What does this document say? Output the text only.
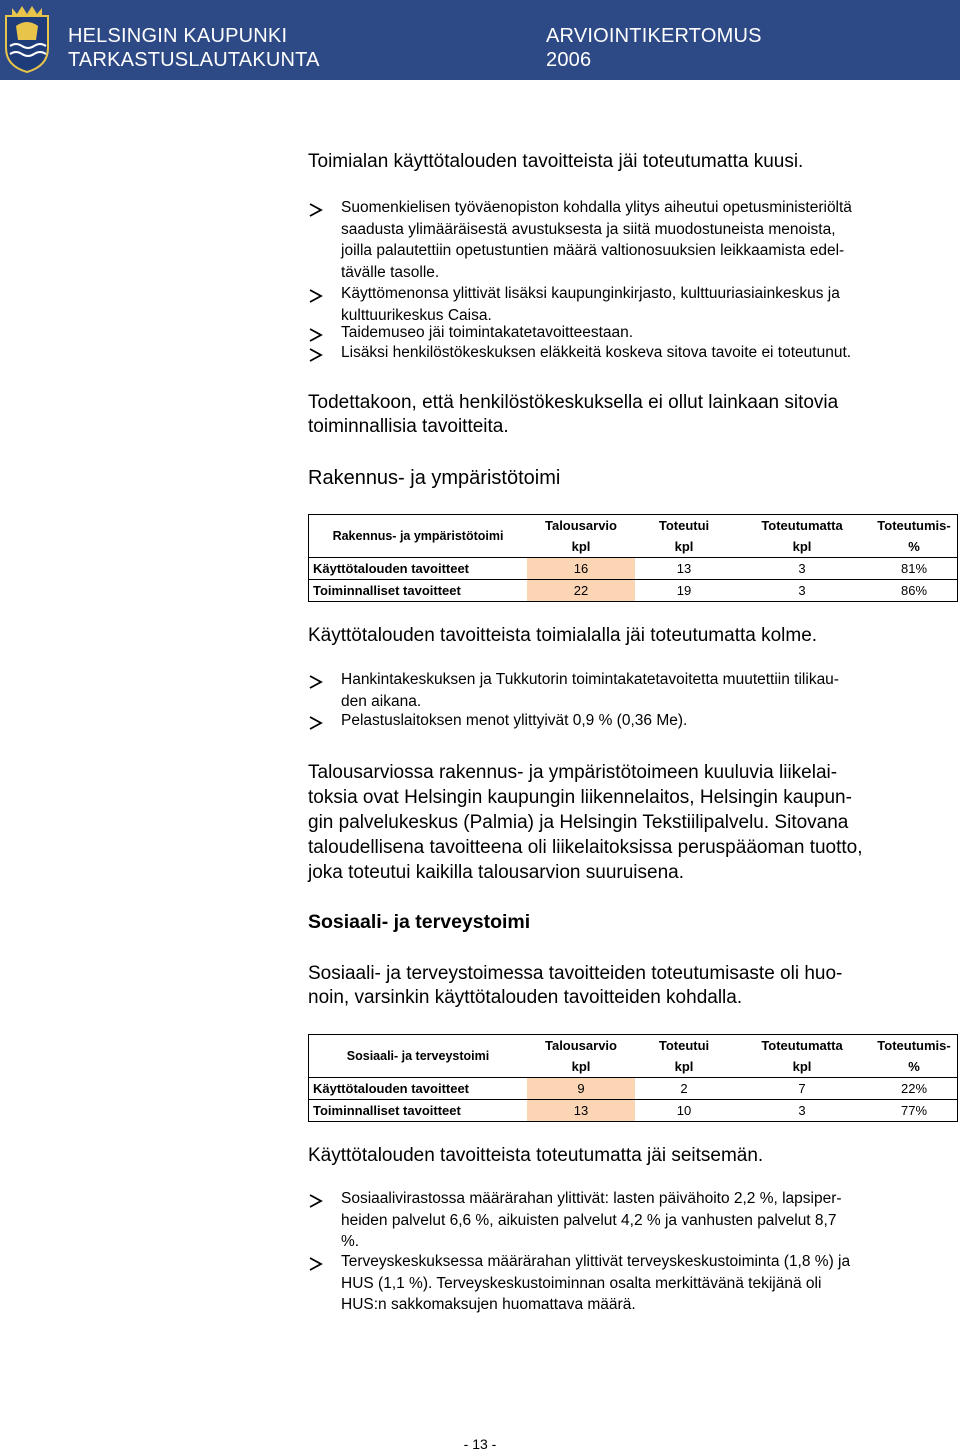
HELSINGIN KAUPUNKI
TARKASTUSLAUTAKUNTA
ARVIOINTIKERTOMUS
2006
Toimialan käyttötalouden tavoitteista jäi toteutumatta kuusi.
Suomenkielisen työväenopiston kohdalla ylitys aiheutui opetusministeriöltä
saadusta ylimääräisestä avustuksesta ja siitä muodostuneista menoista,
joilla palautettiin opetustuntien määrä valtionosuuksien leikkaamista edel-
tävälle tasolle.
Käyttömenonsa ylittivät lisäksi kaupunginkirjasto, kulttuuriasiainkeskus ja
kulttuurikeskus Caisa.
Taidemuseo jäi toimintakatetavoitteestaan.
Lisäksi henkilöstökeskuksen eläkkeitä koskeva sitova tavoite ei toteutunut.
Todettakoon, että henkilöstökeskuksella ei ollut lainkaan sitovia
toiminnallisia tavoitteita.
Rakennus- ja ympäristötoimi
Rakennus- ja ympäristötoimi	Talousarvio	Toteutui	Toteutumatta	Toteutumis-
	kpl	kpl	kpl	%
Käyttötalouden tavoitteet	16	13	3	81%
Toiminnalliset tavoitteet	22	19	3	86%
Käyttötalouden tavoitteista toimialalla jäi toteutumatta kolme.
Hankintakeskuksen ja Tukkutorin toimintakatetavoitetta muutettiin tilikau-
den aikana.
Pelastuslaitoksen menot ylittyivät 0,9 % (0,36 Me).
Talousarviossa rakennus- ja ympäristötoimeen kuuluvia liikelai-
toksia ovat Helsingin kaupungin liikennelaitos, Helsingin kaupun-
gin palvelukeskus (Palmia) ja Helsingin Tekstiilipalvelu. Sitovana
taloudellisena tavoitteena oli liikelaitoksissa peruspääoman tuotto,
joka toteutui kaikilla talousarvion suuruisena.
Sosiaali- ja terveystoimi
Sosiaali- ja terveystoimessa tavoitteiden toteutumisaste oli huo-
noin, varsinkin käyttötalouden tavoitteiden kohdalla.
Sosiaali- ja terveystoimi	Talousarvio	Toteutui	Toteutumatta	Toteutumis-
	kpl	kpl	kpl	%
Käyttötalouden tavoitteet	9	2	7	22%
Toiminnalliset tavoitteet	13	10	3	77%
Käyttötalouden tavoitteista toteutumatta jäi seitsemän.
Sosiaalivirastossa määrärahan ylittivät: lasten päivähoito 2,2 %, lapsiper-
heiden palvelut 6,6 %, aikuisten palvelut 4,2 % ja vanhusten palvelut 8,7
%.
Terveyskeskuksessa määrärahan ylittivät terveyskeskustoiminta (1,8 %) ja
HUS (1,1 %). Terveyskeskustoiminnan osalta merkittävänä tekijänä oli
HUS:n sakkomaksujen huomattava määrä.
- 13 -
